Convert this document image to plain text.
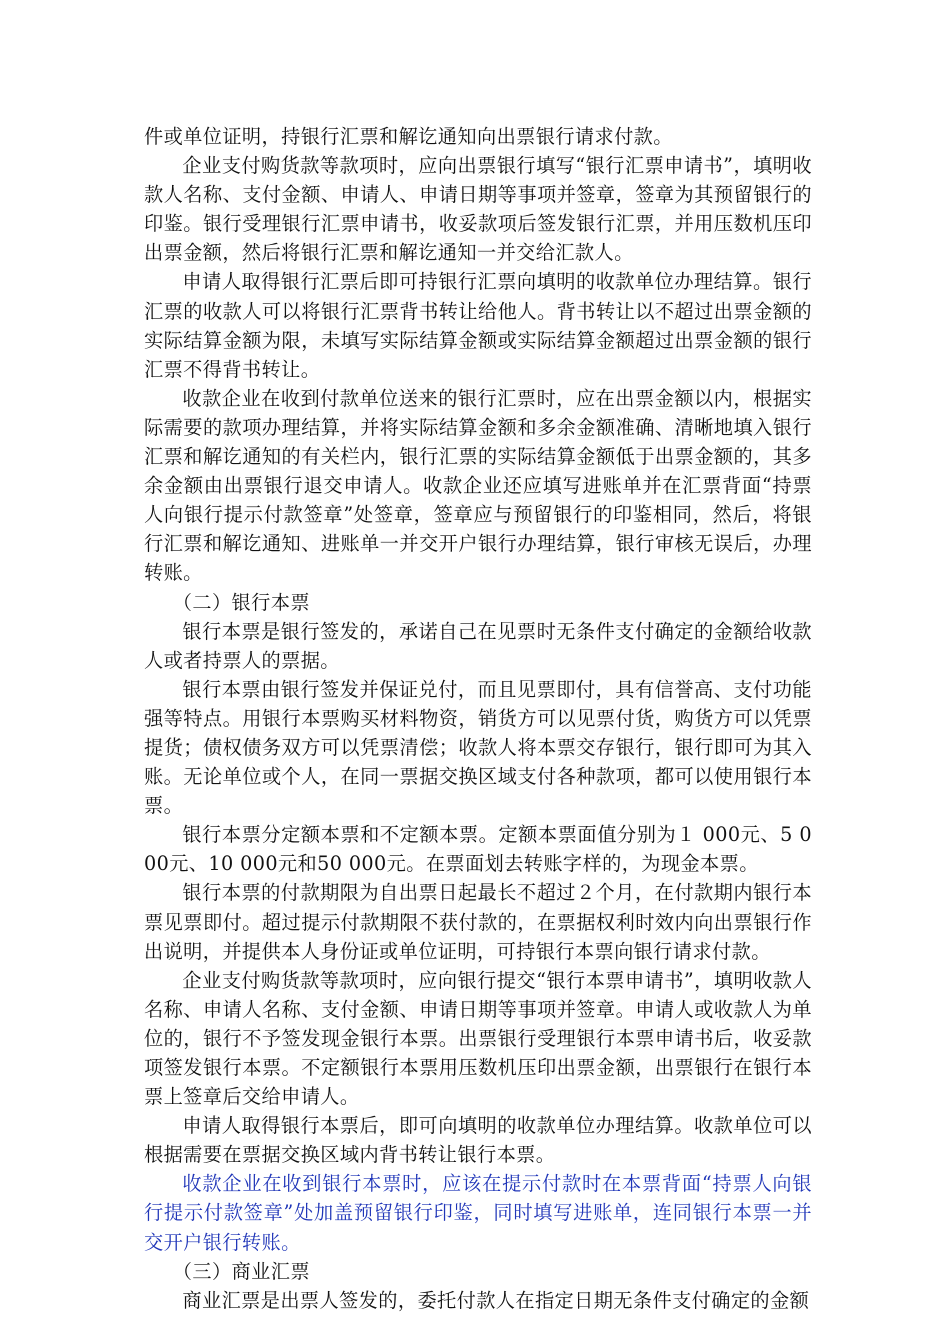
件或单位证明，持银行汇票和解讫通知向出票银行请求付款。

企业支付购货款等款项时，应向出票银行填写“银行汇票申请书”，填明收款人名称、支付金额、申请人、申请日期等事项并签章，签章为其预留银行的印鉴。银行受理银行汇票申请书，收妥款项后签发银行汇票，并用压数机压印出票金额，然后将银行汇票和解讫通知一并交给汇款人。

申请人取得银行汇票后即可持银行汇票向填明的收款单位办理结算。银行汇票的收款人可以将银行汇票背书转让给他人。背书转让以不超过出票金额的实际结算金额为限，未填写实际结算金额或实际结算金额超过出票金额的银行汇票不得背书转让。

收款企业在收到付款单位送来的银行汇票时，应在出票金额以内，根据实际需要的款项办理结算，并将实际结算金额和多余金额准确、清晰地填入银行汇票和解讫通知的有关栏内，银行汇票的实际结算金额低于出票金额的，其多余金额由出票银行退交申请人。收款企业还应填写进账单并在汇票背面“持票人向银行提示付款签章”处签章，签章应与预留银行的印鉴相同，然后，将银行汇票和解讫通知、进账单一并交开户银行办理结算，银行审核无误后，办理转账。

（二）银行本票

银行本票是银行签发的，承诺自己在见票时无条件支付确定的金额给收款人或者持票人的票据。

银行本票由银行签发并保证兑付，而且见票即付，具有信誉高、支付功能强等特点。用银行本票购买材料物资，销货方可以见票付货，购货方可以凭票提货；债权债务双方可以凭票清偿；收款人将本票交存银行，银行即可为其入账。无论单位或个人，在同一票据交换区域支付各种款项，都可以使用银行本票。

银行本票分定额本票和不定额本票。定额本票面值分别为１ 000元、5 000元、10 000元和50 000元。在票面划去转账字样的，为现金本票。

银行本票的付款期限为自出票日起最长不超过２个月，在付款期内银行本票见票即付。超过提示付款期限不获付款的，在票据权利时效内向出票银行作出说明，并提供本人身份证或单位证明，可持银行本票向银行请求付款。

企业支付购货款等款项时，应向银行提交“银行本票申请书”，填明收款人名称、申请人名称、支付金额、申请日期等事项并签章。申请人或收款人为单位的，银行不予签发现金银行本票。出票银行受理银行本票申请书后，收妥款项签发银行本票。不定额银行本票用压数机压印出票金额，出票银行在银行本票上签章后交给申请人。

申请人取得银行本票后，即可向填明的收款单位办理结算。收款单位可以根据需要在票据交换区域内背书转让银行本票。

收款企业在收到银行本票时，应该在提示付款时在本票背面“持票人向银行提示付款签章”处加盖预留银行印鉴，同时填写进账单，连同银行本票一并交开户银行转账。

（三）商业汇票

商业汇票是出票人签发的，委托付款人在指定日期无条件支付确定的金额
